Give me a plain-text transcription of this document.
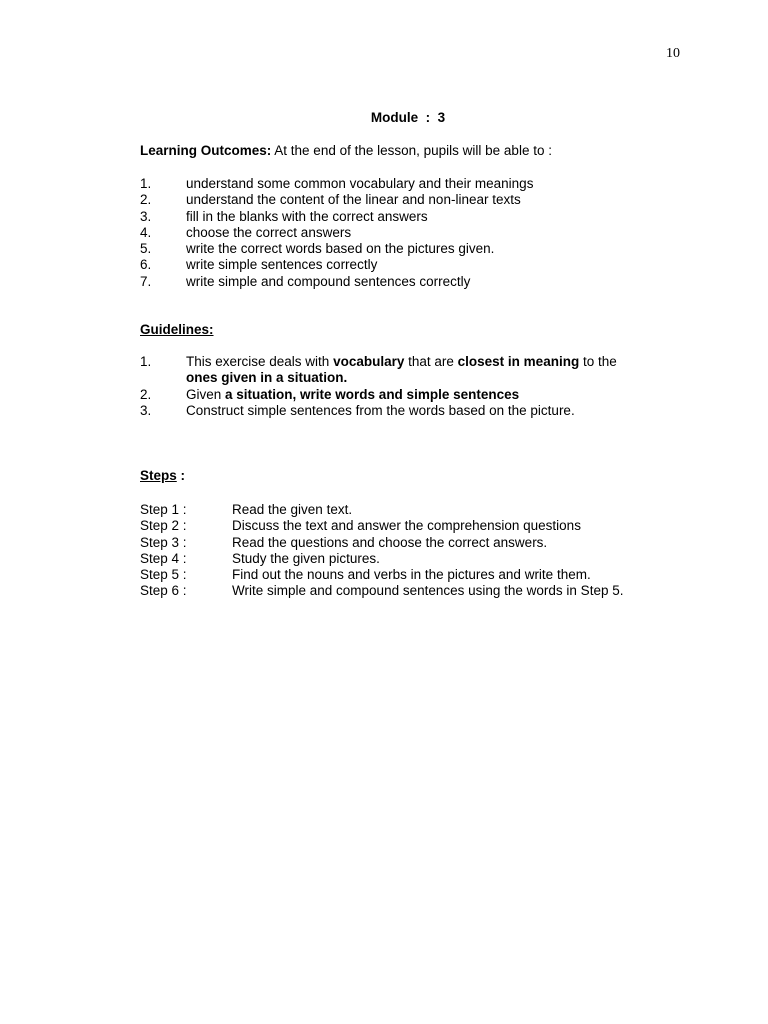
10
Module  :  3
Learning Outcomes: At the end of the lesson, pupils will be able to :
1.	understand some common vocabulary and their meanings
2.	understand the content of the linear and non-linear texts
3.	fill in the blanks with the correct answers
4.	choose the correct answers
5.	write the correct words based on the pictures given.
6.	write simple sentences correctly
7.	write simple and compound sentences correctly
Guidelines:
1.	This exercise deals with vocabulary that are closest in meaning to the
ones given in a situation.
2.	Given a situation, write words and simple sentences
3.	Construct simple sentences from the words based on the picture.
Steps :
Step 1 :	Read the given text.
Step 2 :	Discuss the text and answer the comprehension questions
Step 3 :	Read the questions and choose the correct answers.
Step 4 :	Study the given pictures.
Step 5 :	Find out the nouns and verbs in the pictures and write them.
Step 6 :	Write simple and compound sentences using the words in Step 5.
